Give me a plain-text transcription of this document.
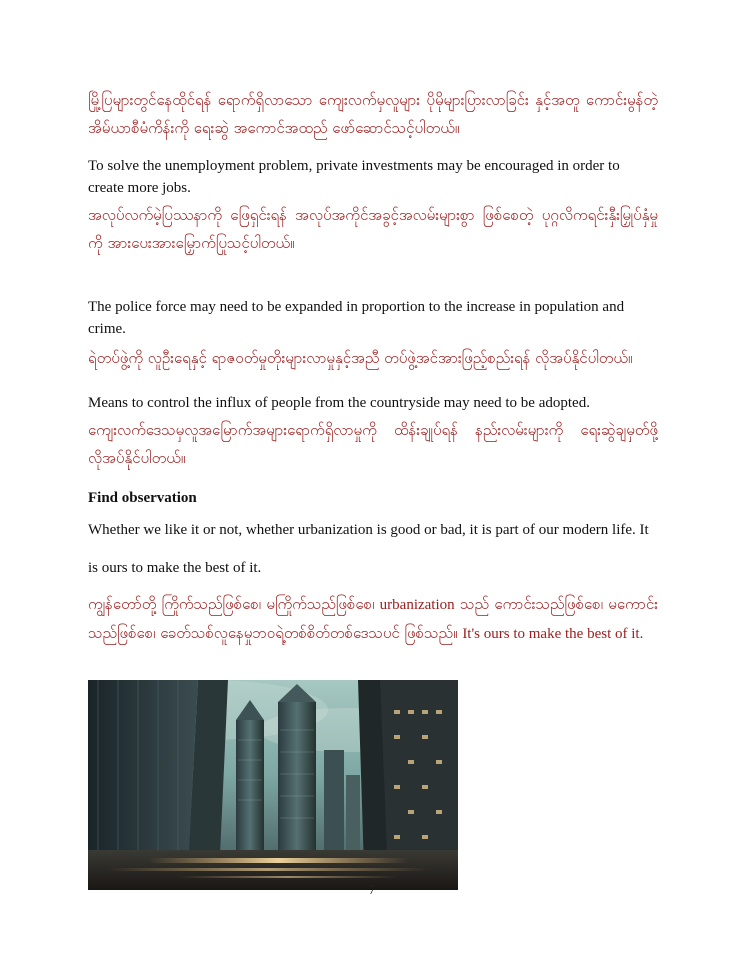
မြို့ပြများတွင်နေထိုင်ရန် ရောက်ရှိလာသော ကျေးလက်မှလူများ ပိုမိုများပြားလာခြင်း နှင့်အတူ ကောင်းမွန်တဲ့အိမ်ယာစီမံကိန်းကို ရေးဆွဲ အကောင်အထည် ဖော်ဆောင်သင့်ပါတယ်။

To solve the unemployment problem, private investments may be encouraged in order to create more jobs.

အလုပ်လက်မဲ့ပြဿနာကို ဖြေရှင်းရန် အလုပ်အကိုင်အခွင့်အလမ်းများစွာ ဖြစ်စေတဲ့ ပုဂ္ဂလိကရင်းနှီးမြှုပ်နှံမှုကို အားပေးအားမြှောက်ပြုသင့်ပါတယ်။

The police force may need to be expanded in proportion to the increase in population and crime.

ရဲတပ်ဖွဲ့ကို လူဦးရေနှင့် ရာဇဝတ်မှုတိုးများလာမှုနှင့်အညီ တပ်ဖွဲ့အင်အားဖြည့်စည်းရန် လိုအပ်နိုင်ပါတယ်။

Means to control the influx of people from the countryside may need to be adopted.

ကျေးလက်ဒေသမှလူအမြောက်အများရောက်ရှိလာမှုကို ထိန်းချုပ်ရန် နည်းလမ်းများကို ရေးဆွဲချမှတ်ဖို့ လိုအပ်နိုင်ပါတယ်။

Find observation

Whether we like it or not, whether urbanization is good or bad, it is part of our modern life. It is ours to make the best of it.

ကျွန်တော်တို့ ကြိုက်သည်ဖြစ်စေ၊ မကြိုက်သည်ဖြစ်စေ၊ urbanization သည် ကောင်းသည်ဖြစ်စေ၊ မကောင်းသည်ဖြစ်စေ၊ ခေတ်သစ်လူနေမှုဘဝရဲ့တစ်စိတ်တစ်ဒေသပင် ဖြစ်သည်။ It's ours to make the best of it.

7
